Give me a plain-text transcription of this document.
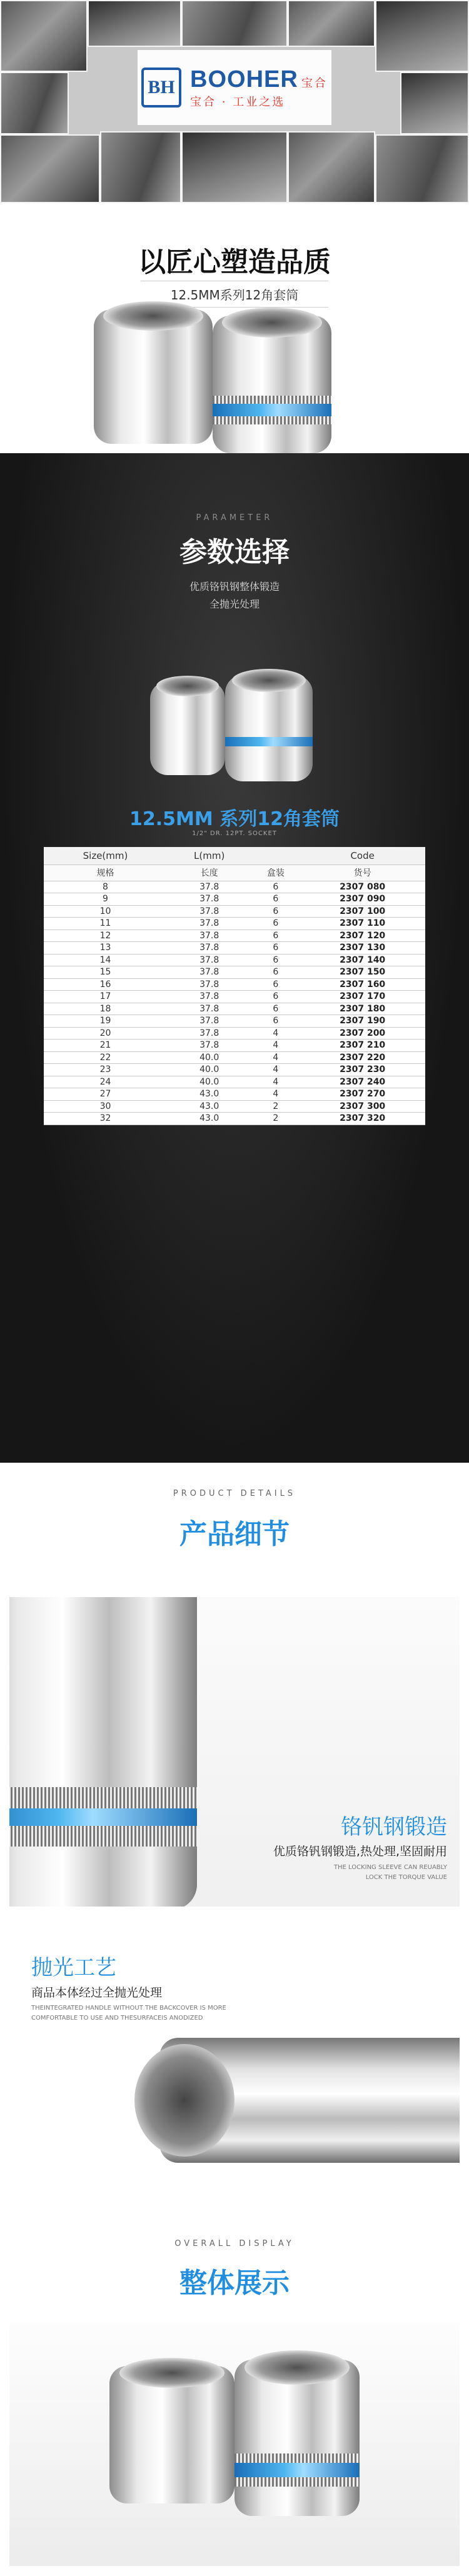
BH BOOHER 宝合
宝合 · 工业之选
以匠心塑造品质
12.5MM系列12角套筒
PARAMETER
参数选择
优质铬钒钢整体锻造
全抛光处理
12.5MM 系列12角套筒
1/2" DR. 12PT. SOCKET
Size(mm)	L(mm)		Code
规格	长度	盒装	货号
8	37.8	6	2307 080
9	37.8	6	2307 090
10	37.8	6	2307 100
11	37.8	6	2307 110
12	37.8	6	2307 120
13	37.8	6	2307 130
14	37.8	6	2307 140
15	37.8	6	2307 150
16	37.8	6	2307 160
17	37.8	6	2307 170
18	37.8	6	2307 180
19	37.8	6	2307 190
20	37.8	4	2307 200
21	37.8	4	2307 210
22	40.0	4	2307 220
23	40.0	4	2307 230
24	40.0	4	2307 240
27	43.0	4	2307 270
30	43.0	2	2307 300
32	43.0	2	2307 320
PRODUCT DETAILS
产品细节
铬钒钢锻造
优质铬钒钢锻造,热处理,坚固耐用
THE LOCKING SLEEVE CAN REUABLY
LOCK THE TORQUE VALUE
抛光工艺
商品本体经过全抛光处理
THEINTEGRATED HANDLE WITHOUT THE BACKCOVER IS MORE
COMFORTABLE TO USE AND THESURFACEIS ANODIZED
OVERALL DISPLAY
整体展示
